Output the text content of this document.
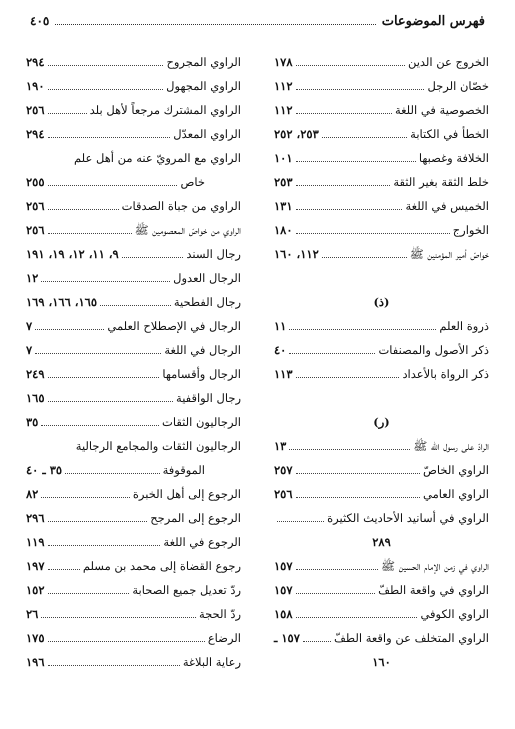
فهرس الموضوعات
٤٠٥
الخروج عن الدين
١٧٨
خصّان الرجل
١١٢
الخصوصية في اللغة
١١٢
الخطأ في الكتابة
٢٥٣، ٢٥٢
الخلافة وغصبها
١٠١
خلط الثقة بغير الثقة
٢٥٣
الخميس في اللغة
١٣١
الخوارج
١٨٠
خواصّ أمير المؤمنين ﷺ
١١٢، ١٦٠
(ذ)
ذروة العلم
١١
ذكر الأصول والمصنفات
٤٠
ذكر الرواة بالأعداد
١١٣
(ر)
الرادّ على رسول الله ﷺ
١٣
الراوي الخاصّ
٢٥٧
الراوي العامي
٢٥٦
الراوي في أسانيد الأحاديث الكثيرة
٢٨٩
الراوي في زمن الإمام الحسين ﷺ
١٥٧
الراوي في واقعة الطفّ
١٥٧
الراوي الكوفي
١٥٨
الراوي المتخلف عن واقعة الطفّ
١٥٧ ـ
١٦٠
الراوي المجروح
٢٩٤
الراوي المجهول
١٩٠
الراوي المشترك مرجعاً لأهل بلد
٢٥٦
الراوي المعدّل
٢٩٤
الراوي مع المرويّ عنه من أهل علم
خاص
٢٥٥
الراوي من جباة الصدقات
٢٥٦
الراوي من خواصّ المعصومين ﷺ
٢٥٦
رجال السند
٩، ١١، ١٢، ١٩، ١٩١
الرجال العدول
١٢
رجال الفطحية
١٦٥، ١٦٦، ١٦٩
الرجال في الإصطلاح العلمي
٧
الرجال في اللغة
٧
الرجال وأقسامها
٢٤٩
رجال الواقفية
١٦٥
الرجاليون الثقات
٣٥
الرجاليون الثقات والمجامع الرجالية
الموقوفة
٣٥ ـ ٤٠
الرجوع إلى أهل الخبرة
٨٢
الرجوع إلى المرجح
٢٩٦
الرجوع في اللغة
١١٩
رجوع القضاة إلى محمد بن مسلم
١٩٧
ردّ تعديل جميع الصحابة
١٥٢
ردّ الحجة
٢٦
الرضاع
١٧٥
رعاية البلاغة
١٩٦
